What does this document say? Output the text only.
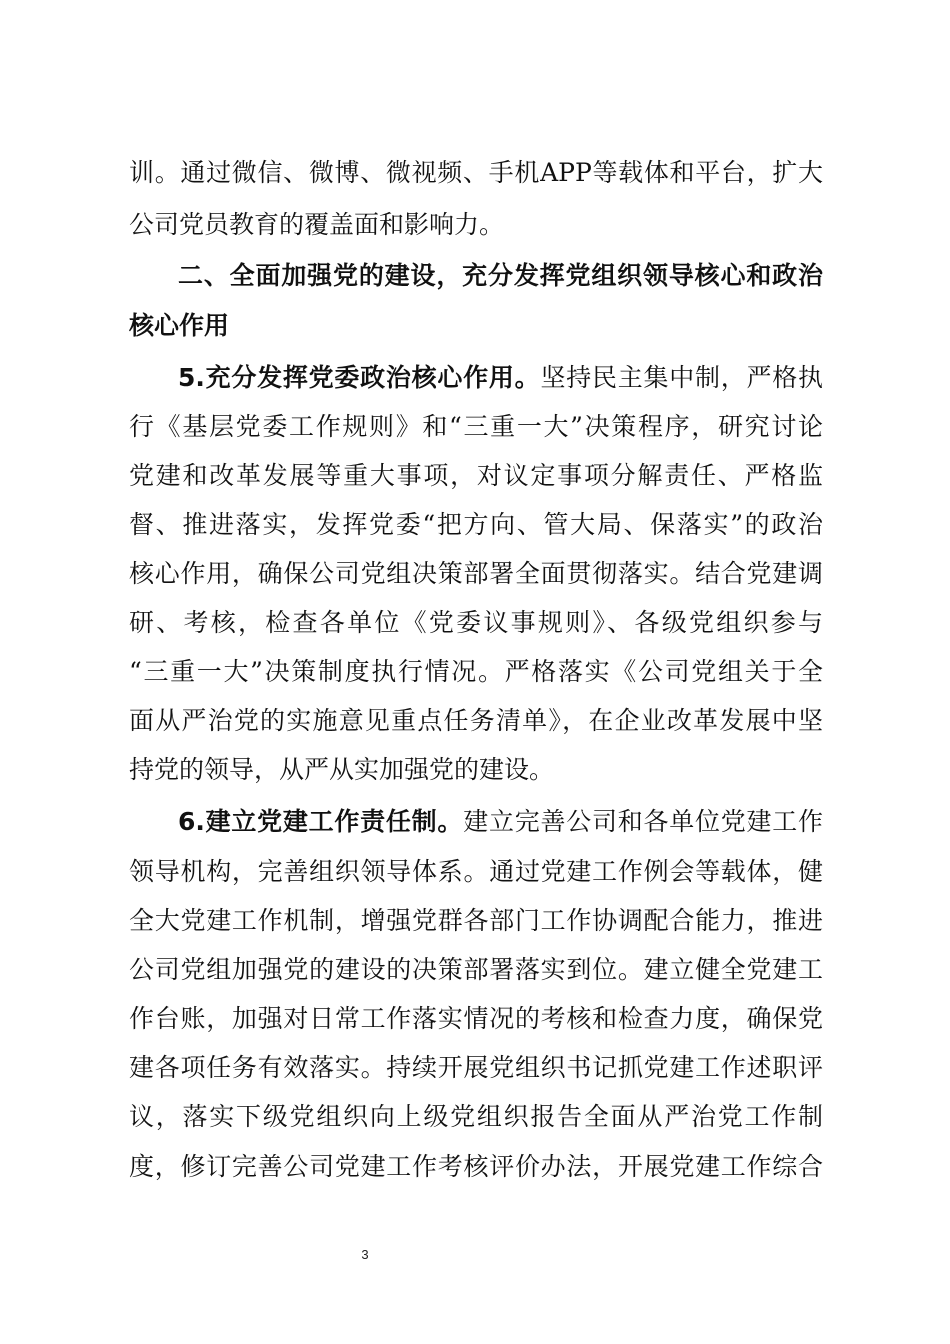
训。通过微信、微博、微视频、手机APP等载体和平台，扩大
公司党员教育的覆盖面和影响力。
二、全面加强党的建设，充分发挥党组织领导核心和政治
核心作用
5.充分发挥党委政治核心作用。坚持民主集中制，严格执
行《基层党委工作规则》和“三重一大”决策程序，研究讨论
党建和改革发展等重大事项，对议定事项分解责任、严格监
督、推进落实，发挥党委“把方向、管大局、保落实”的政治
核心作用，确保公司党组决策部署全面贯彻落实。结合党建调
研、考核，检查各单位《党委议事规则》、各级党组织参与
“三重一大”决策制度执行情况。严格落实《公司党组关于全
面从严治党的实施意见重点任务清单》，在企业改革发展中坚
持党的领导，从严从实加强党的建设。
6.建立党建工作责任制。建立完善公司和各单位党建工作
领导机构，完善组织领导体系。通过党建工作例会等载体，健
全大党建工作机制，增强党群各部门工作协调配合能力，推进
公司党组加强党的建设的决策部署落实到位。建立健全党建工
作台账，加强对日常工作落实情况的考核和检查力度，确保党
建各项任务有效落实。持续开展党组织书记抓党建工作述职评
议，落实下级党组织向上级党组织报告全面从严治党工作制
度，修订完善公司党建工作考核评价办法，开展党建工作综合
3
